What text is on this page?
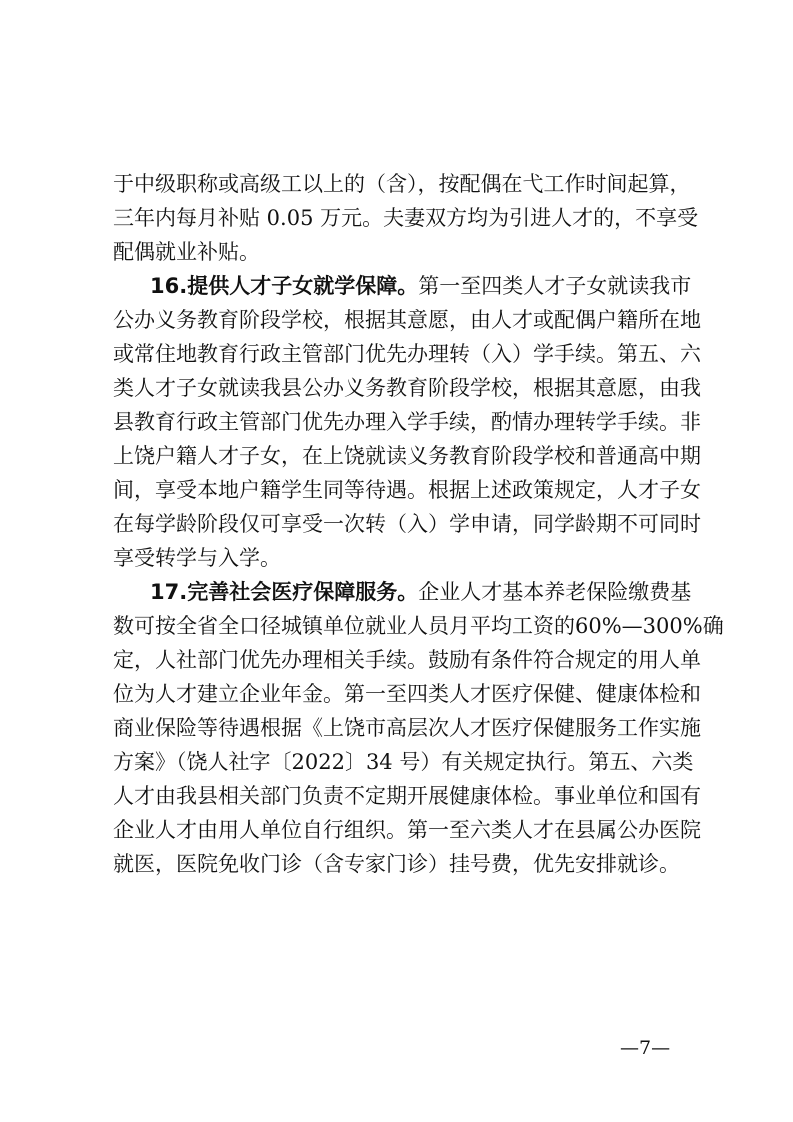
于中级职称或高级工以上的（含），按配偶在弋工作时间起算，
三年内每月补贴 0.05 万元。夫妻双方均为引进人才的，不享受
配偶就业补贴。
16.提供人才子女就学保障。第一至四类人才子女就读我市
公办义务教育阶段学校，根据其意愿，由人才或配偶户籍所在地
或常住地教育行政主管部门优先办理转（入）学手续。第五、六
类人才子女就读我县公办义务教育阶段学校，根据其意愿，由我
县教育行政主管部门优先办理入学手续，酌情办理转学手续。非
上饶户籍人才子女，在上饶就读义务教育阶段学校和普通高中期
间，享受本地户籍学生同等待遇。根据上述政策规定，人才子女
在每学龄阶段仅可享受一次转（入）学申请，同学龄期不可同时
享受转学与入学。
17.完善社会医疗保障服务。企业人才基本养老保险缴费基
数可按全省全口径城镇单位就业人员月平均工资的60%—300%确
定，人社部门优先办理相关手续。鼓励有条件符合规定的用人单
位为人才建立企业年金。第一至四类人才医疗保健、健康体检和
商业保险等待遇根据《上饶市高层次人才医疗保健服务工作实施
方案》（饶人社字〔2022〕34 号）有关规定执行。第五、六类
人才由我县相关部门负责不定期开展健康体检。事业单位和国有
企业人才由用人单位自行组织。第一至六类人才在县属公办医院
就医，医院免收门诊（含专家门诊）挂号费，优先安排就诊。
—7—
